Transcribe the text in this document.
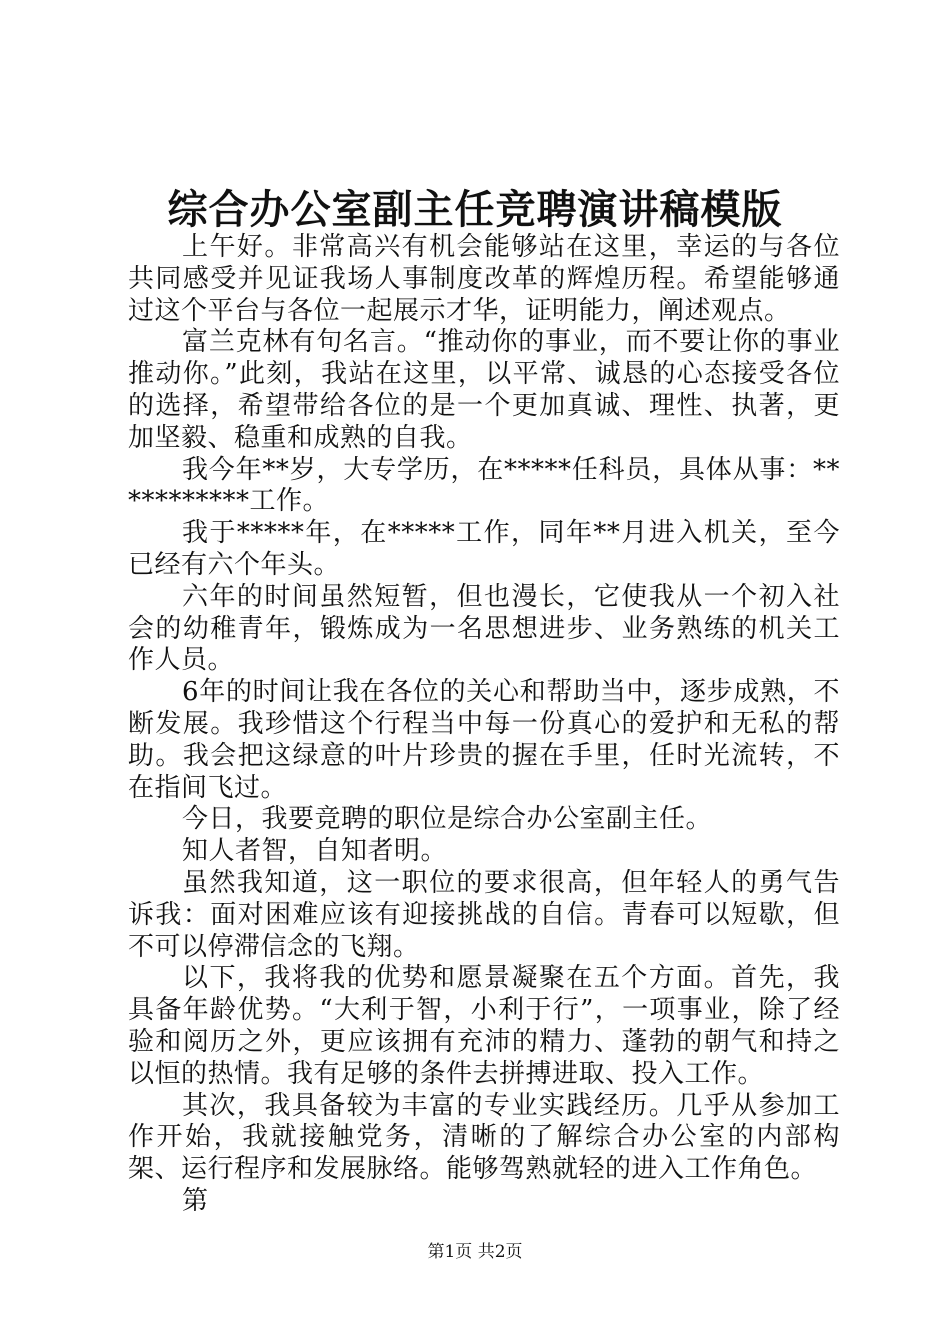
综合办公室副主任竞聘演讲稿模版

上午好。非常高兴有机会能够站在这里，幸运的与各位共同感受并见证我场人事制度改革的辉煌历程。希望能够通过这个平台与各位一起展示才华，证明能力，阐述观点。

富兰克林有句名言。“推动你的事业，而不要让你的事业推动你。”此刻，我站在这里，以平常、诚恳的心态接受各位的选择，希望带给各位的是一个更加真诚、理性、执著，更加坚毅、稳重和成熟的自我。

我今年**岁，大专学历，在*****任科员，具体从事：***********工作。

我于*****年，在*****工作，同年**月进入机关，至今已经有六个年头。

六年的时间虽然短暂，但也漫长，它使我从一个初入社会的幼稚青年，锻炼成为一名思想进步、业务熟练的机关工作人员。

6年的时间让我在各位的关心和帮助当中，逐步成熟，不断发展。我珍惜这个行程当中每一份真心的爱护和无私的帮助。我会把这绿意的叶片珍贵的握在手里，任时光流转，不在指间飞过。

今日，我要竞聘的职位是综合办公室副主任。

知人者智，自知者明。

虽然我知道，这一职位的要求很高，但年轻人的勇气告诉我：面对困难应该有迎接挑战的自信。青春可以短歇，但不可以停滞信念的飞翔。

以下，我将我的优势和愿景凝聚在五个方面。首先，我具备年龄优势。“大利于智，小利于行”，一项事业，除了经验和阅历之外，更应该拥有充沛的精力、蓬勃的朝气和持之以恒的热情。我有足够的条件去拼搏进取、投入工作。

其次，我具备较为丰富的专业实践经历。几乎从参加工作开始，我就接触党务，清晰的了解综合办公室的内部构架、运行程序和发展脉络。能够驾熟就轻的进入工作角色。

第

第1页 共2页
